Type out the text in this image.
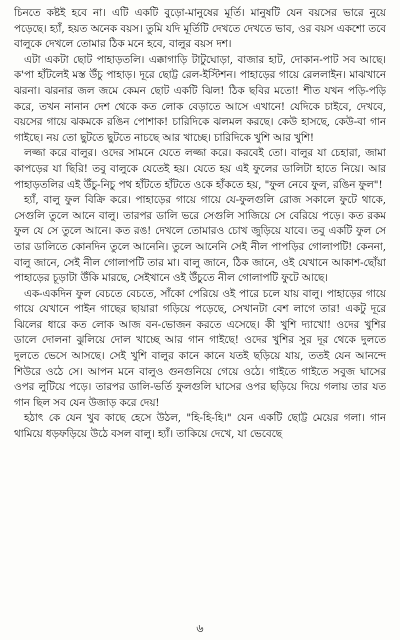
চিনতে কষ্টই হবে না। এটি একটি বুড়ো-মানুষের মূর্তি। মানুষটি যেন বয়সের ভারে নুয়ে পড়েছে। হ্যাঁ, হয়ত অনেক বয়স। তুমি যদি মূর্তিটি দেখতে দেখতে ভাব, ওর বয়স একশো তবে বালুকে দেখলে তোমার ঠিক মনে হবে, বালুর বয়স দশ।

এটা একটা ছোট পাহাড়তলি। এক্কাগাড়ি টাটুঘোড়া, বাজার হাট, দোকান-পাট সব আছে। ক'পা হাঁটলেই মস্ত উঁচু পাহাড়। দূরে ছোট্ট রেল-ইস্টিশন। পাহাড়ের গায়ে রেললাইন। মাঝখানে ঝরনা। ঝরনার জল জমে কেমন ছোট একটি ঝিল! ঠিক ছবির মতো! শীত যখন পড়ি-পড়ি করে, তখন নানান দেশ থেকে কত লোক বেড়াতে আসে এখানে! যেদিকে চাইবে, দেখবে, বয়সের গায়ে ঝকমকে রঙিন পোশাক! চারিদিকে ঝলমল করছে। কেউ হাসছে, কেউ-বা গান গাইছে। নয় তো ছুটতে ছুটতে নাচছে আর খাচ্ছে। চারিদিকে খুশি আর খুশি!

লজ্জা করে বালুর। ওদের সামনে যেতে লজ্জা করে। করবেই তো। বালুর যা চেহারা, জামা কাপড়ের যা ছিরি! তবু বালুকে যেতেই হয়। যেতে হয় এই ফুলের ডালিটা হাতে নিয়ে। আর পাহাড়তলির এই উঁচু-নিচু পথ হাঁটতে হাঁটতে ওকে হাঁকতে হয়, "ফুল নেবে ফুল, রঙিন ফুল"!

হ্যাঁ, বালু ফুল বিক্রি করে। পাহাড়ের গায়ে গায়ে যে-ফুলগুলি রোজ সকালে ফুটে থাকে, সেগুলি তুলে আনে বালু। তারপর ডালি ভরে সেগুলি সাজিয়ে সে বেরিয়ে পড়ে। কত রকম ফুল যে সে তুলে আনে। কত রঙ! দেখলে তোমারও চোখ জুড়িয়ে যাবে। তবু একটি ফুল সে তার ডালিতে কোনদিন তুলে আনেনি। তুলে আনেনি সেই নীল পাপড়ির গোলাপটি! কেননা, বালু জানে, সেই নীল গোলাপটি তার মা। বালু জানে, ঠিক জানে, ওই যেখানে আকাশ-ছোঁয়া পাহাড়ের চূড়াটা উঁকি মারছে, সেইখানে ওই উঁচুতে নীল গোলাপটি ফুটে আছে।

এক-একদিন ফুল বেচতে বেচতে, সাঁকো পেরিয়ে ওই পারে চলে যায় বালু। পাহাড়ের গায়ে গায়ে যেখানে পাইন গাছের ছায়ারা গড়িয়ে পড়েছে, সেখানটা বেশ লাগে তার! একটু দূরে ঝিলের ধারে কত লোক আজ বন-ভোজন করতে এসেছে। কী খুশি দ্যাখো! ওদের খুশির ডালে দোলনা ঝুলিয়ে দোল খাচ্ছে আর গান গাইছে! ওদের খুশির সুর দূর থেকে দুলতে দুলতে ভেসে আসছে। সেই খুশি বালুর কানে কানে যতই ছড়িয়ে যায়, ততই যেন আনন্দে শিউরে ওঠে সে। আপন মনে বালুও গুনগুনিয়ে গেয়ে ওঠে। গাইতে গাইতে সবুজ ঘাসের ওপর লুটিয়ে পড়ে। তারপর ডালি-ভর্তি ফুলগুলি ঘাসের ওপর ছড়িয়ে দিয়ে গলায় তার যত গান ছিল সব যেন উজাড় করে দেয়!

হঠাৎ কে যেন খুব কাছে হেসে উঠল, "হি-হি-হি।" যেন একটি ছোট্ট মেয়ের গলা। গান থামিয়ে ধড়ফড়িয়ে উঠে বসল বালু। হ্যাঁ। তাকিয়ে দেখে, যা ভেবেছে

৬
